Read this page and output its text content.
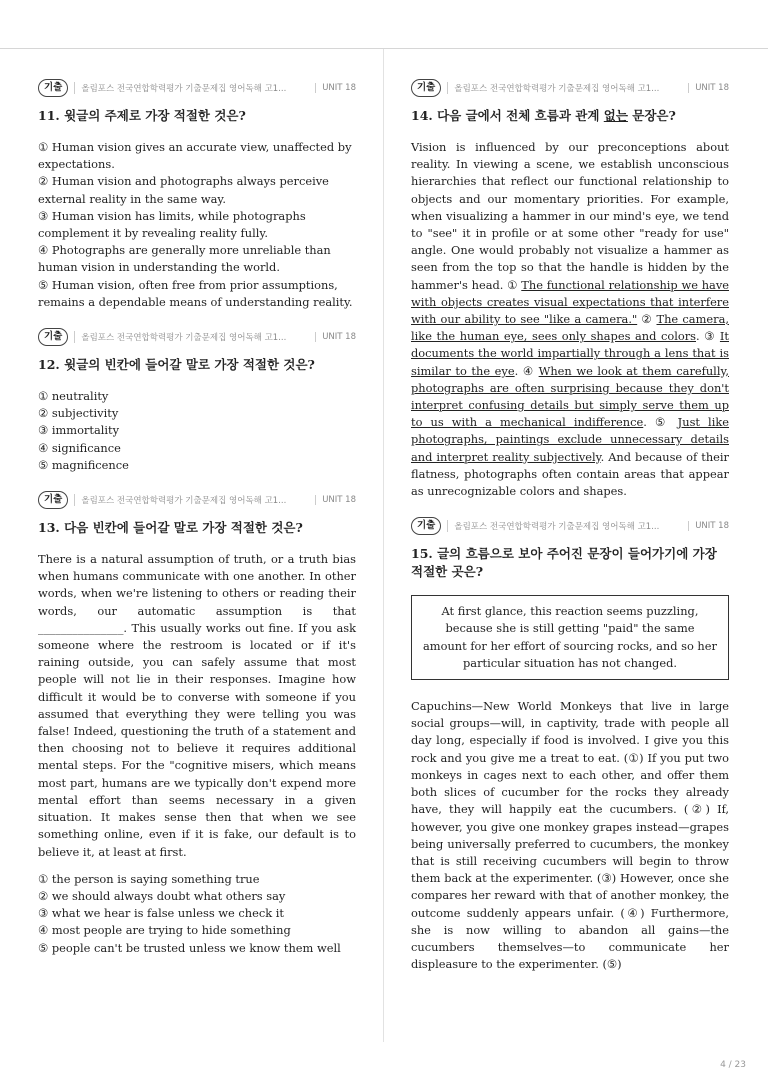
기출	올림포스 전국연합학력평가 기출문제집 영어독해 고1...	UNIT 18
11. 윗글의 주제로 가장 적절한 것은?
① Human vision gives an accurate view, unaffected by expectations.
② Human vision and photographs always perceive external reality in the same way.
③ Human vision has limits, while photographs complement it by revealing reality fully.
④ Photographs are generally more unreliable than human vision in understanding the world.
⑤ Human vision, often free from prior assumptions, remains a dependable means of understanding reality.
기출	올림포스 전국연합학력평가 기출문제집 영어독해 고1...	UNIT 18
12. 윗글의 빈칸에 들어갈 말로 가장 적절한 것은?
① neutrality
② subjectivity
③ immortality
④ significance
⑤ magnificence
기출	올림포스 전국연합학력평가 기출문제집 영어독해 고1...	UNIT 18
13. 다음 빈칸에 들어갈 말로 가장 적절한 것은?

There is a natural assumption of truth, or a truth bias when humans communicate with one another. In other words, when we're listening to others or reading their words, our automatic assumption is that _______________. This usually works out fine. If you ask someone where the restroom is located or if it's raining outside, you can safely assume that most people will not lie in their responses. Imagine how difficult it would be to converse with someone if you assumed that everything they were telling you was false! Indeed, questioning the truth of a statement and then choosing not to believe it requires additional mental steps. For the "cognitive misers, which means most part, humans are we typically don't expend more mental effort than seems necessary in a given situation. It makes sense then that when we see something online, even if it is fake, our default is to believe it, at least at first.

① the person is saying something true
② we should always doubt what others say
③ what we hear is false unless we check it
④ most people are trying to hide something
⑤ people can't be trusted unless we know them well
기출	올림포스 전국연합학력평가 기출문제집 영어독해 고1...	UNIT 18
14. 다음 글에서 전체 흐름과 관계 없는 문장은?

Vision is influenced by our preconceptions about reality. In viewing a scene, we establish unconscious hierarchies that reflect our functional relationship to objects and our momentary priorities. For example, when visualizing a hammer in our mind's eye, we tend to "see" it in profile or at some other "ready for use" angle. One would probably not visualize a hammer as seen from the top so that the handle is hidden by the hammer's head. ① The functional relationship we have with objects creates visual expectations that interfere with our ability to see "like a camera." ② The camera, like the human eye, sees only shapes and colors. ③ It documents the world impartially through a lens that is similar to the eye. ④ When we look at them carefully, photographs are often surprising because they don't interpret confusing details but simply serve them up to us with a mechanical indifference. ⑤ Just like photographs, paintings exclude unnecessary details and interpret reality subjectively. And because of their flatness, photographs often contain areas that appear as unrecognizable colors and shapes.

기출	올림포스 전국연합학력평가 기출문제집 영어독해 고1...	UNIT 18
15. 글의 흐름으로 보아 주어진 문장이 들어가기에 가장 적절한 곳은?
At first glance, this reaction seems puzzling, because she is still getting "paid" the same amount for her effort of sourcing rocks, and so her particular situation has not changed.

Capuchins—New World Monkeys that live in large social groups—will, in captivity, trade with people all day long, especially if food is involved. I give you this rock and you give me a treat to eat. (①) If you put two monkeys in cages next to each other, and offer them both slices of cucumber for the rocks they already have, they will happily eat the cucumbers. (②) If, however, you give one monkey grapes instead—grapes being universally preferred to cucumbers, the monkey that is still receiving cucumbers will begin to throw them back at the experimenter. (③) However, once she compares her reward with that of another monkey, the outcome suddenly appears unfair. (④) Furthermore, she is now willing to abandon all gains—the cucumbers themselves—to communicate her displeasure to the experimenter. (⑤)

4 / 23
